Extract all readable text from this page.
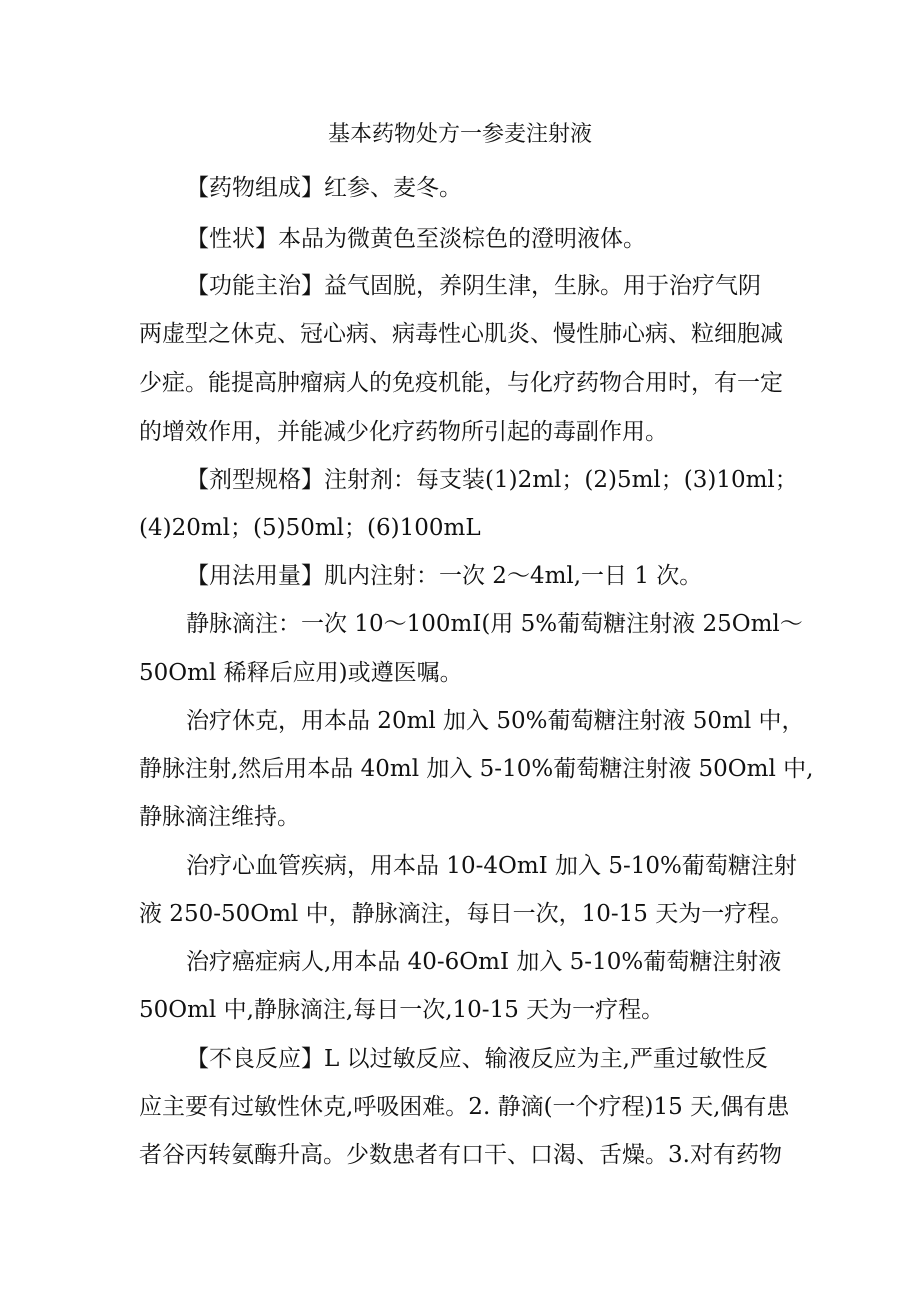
基本药物处方一参麦注射液
【药物组成】红参、麦冬。
【性状】本品为微黄色至淡棕色的澄明液体。
【功能主治】益气固脱，养阴生津，生脉。用于治疗气阴
两虚型之休克、冠心病、病毒性心肌炎、慢性肺心病、粒细胞减
少症。能提高肿瘤病人的免疫机能，与化疗药物合用时，有一定
的增效作用，并能减少化疗药物所引起的毒副作用。
【剂型规格】注射剂：每支装(1)2ml；(2)5ml；(3)10ml；
(4)20ml；(5)50ml；(6)100mL
【用法用量】肌内注射：一次 2～4ml,一日 1 次。
静脉滴注：一次 10～100mI(用 5%葡萄糖注射液 25Oml～
50Oml 稀释后应用)或遵医嘱。
治疗休克，用本品 20ml 加入 50%葡萄糖注射液 50ml 中，
静脉注射,然后用本品 40ml 加入 5-10%葡萄糖注射液 50Oml 中,
静脉滴注维持。
治疗心血管疾病，用本品 10-4OmI 加入 5-10%葡萄糖注射
液 250-50Oml 中，静脉滴注，每日一次，10-15 天为一疗程。
治疗癌症病人,用本品 40-6OmI 加入 5-10%葡萄糖注射液
50Oml 中,静脉滴注,每日一次,10-15 天为一疗程。
【不良反应】L 以过敏反应、输液反应为主,严重过敏性反
应主要有过敏性休克,呼吸困难。2. 静滴(一个疗程)15 天,偶有患
者谷丙转氨酶升高。少数患者有口干、口渴、舌燥。3.对有药物
